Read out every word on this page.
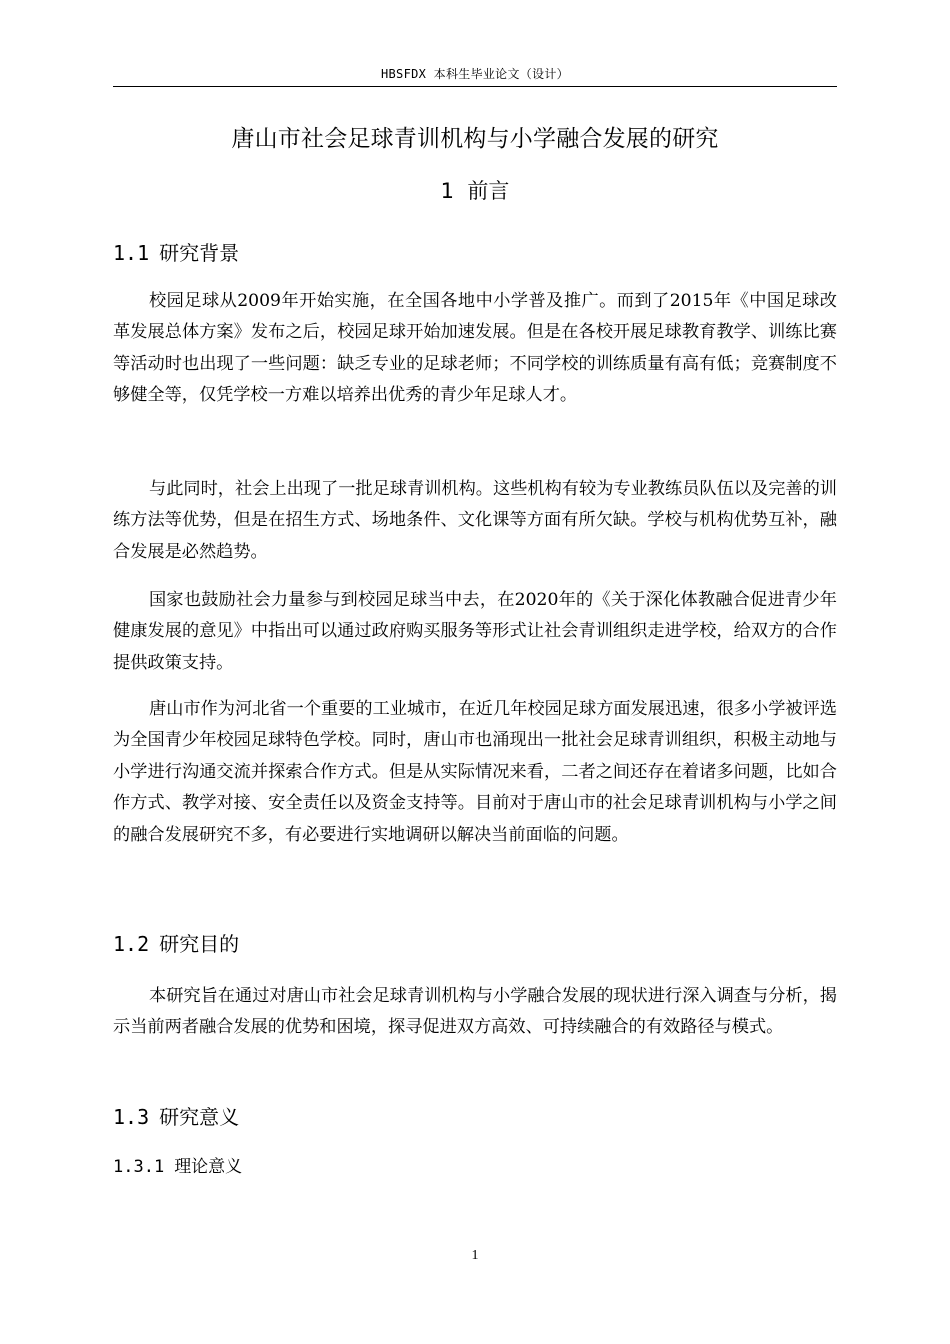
HBSFDX 本科生毕业论文（设计）
唐山市社会足球青训机构与小学融合发展的研究
1 前言
1.1 研究背景

校园足球从2009年开始实施，在全国各地中小学普及推广。而到了2015年《中国足球改革发展总体方案》发布之后，校园足球开始加速发展。但是在各校开展足球教育教学、训练比赛等活动时也出现了一些问题：缺乏专业的足球老师；不同学校的训练质量有高有低；竞赛制度不够健全等，仅凭学校一方难以培养出优秀的青少年足球人才。

与此同时，社会上出现了一批足球青训机构。这些机构有较为专业教练员队伍以及完善的训练方法等优势，但是在招生方式、场地条件、文化课等方面有所欠缺。学校与机构优势互补，融合发展是必然趋势。

国家也鼓励社会力量参与到校园足球当中去，在2020年的《关于深化体教融合促进青少年健康发展的意见》中指出可以通过政府购买服务等形式让社会青训组织走进学校，给双方的合作提供政策支持。

唐山市作为河北省一个重要的工业城市，在近几年校园足球方面发展迅速，很多小学被评选为全国青少年校园足球特色学校。同时，唐山市也涌现出一批社会足球青训组织，积极主动地与小学进行沟通交流并探索合作方式。但是从实际情况来看，二者之间还存在着诸多问题，比如合作方式、教学对接、安全责任以及资金支持等。目前对于唐山市的社会足球青训机构与小学之间的融合发展研究不多，有必要进行实地调研以解决当前面临的问题。

1.2 研究目的

本研究旨在通过对唐山市社会足球青训机构与小学融合发展的现状进行深入调查与分析，揭示当前两者融合发展的优势和困境，探寻促进双方高效、可持续融合的有效路径与模式。

1.3 研究意义
1.3.1 理论意义
1
